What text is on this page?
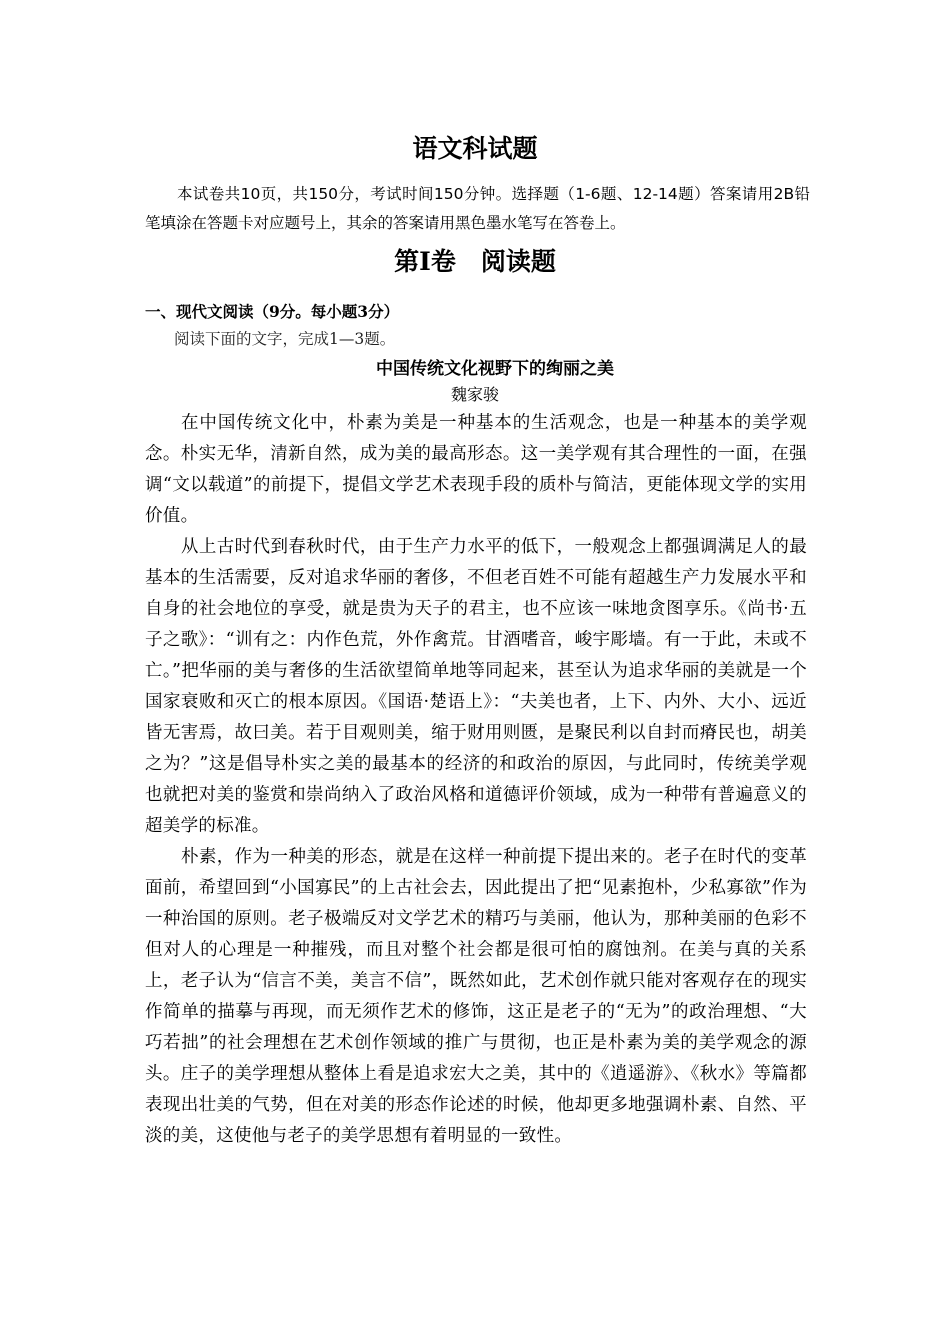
语文科试题
本试卷共10页，共150分，考试时间150分钟。选择题（1-6题、12-14题）答案请用2B铅笔填涂在答题卡对应题号上，其余的答案请用黑色墨水笔写在答卷上。
第Ⅰ卷　阅读题
一、现代文阅读（9分。每小题3分）
阅读下面的文字，完成1—3题。
中国传统文化视野下的绚丽之美
魏家骏

在中国传统文化中，朴素为美是一种基本的生活观念，也是一种基本的美学观念。朴实无华，清新自然，成为美的最高形态。这一美学观有其合理性的一面，在强调“文以载道”的前提下，提倡文学艺术表现手段的质朴与简洁，更能体现文学的实用价值。

从上古时代到春秋时代，由于生产力水平的低下，一般观念上都强调满足人的最基本的生活需要，反对追求华丽的奢侈，不但老百姓不可能有超越生产力发展水平和自身的社会地位的享受，就是贵为天子的君主，也不应该一味地贪图享乐。《尚书·五子之歌》：“训有之：内作色荒，外作禽荒。甘酒嗜音，峻宇彫墙。有一于此，未或不亡。”把华丽的美与奢侈的生活欲望简单地等同起来，甚至认为追求华丽的美就是一个国家衰败和灭亡的根本原因。《国语·楚语上》：“夫美也者，上下、内外、大小、远近皆无害焉，故曰美。若于目观则美，缩于财用则匮，是聚民利以自封而瘠民也，胡美之为？”这是倡导朴实之美的最基本的经济的和政治的原因，与此同时，传统美学观也就把对美的鉴赏和崇尚纳入了政治风格和道德评价领域，成为一种带有普遍意义的超美学的标准。

朴素，作为一种美的形态，就是在这样一种前提下提出来的。老子在时代的变革面前，希望回到“小国寡民”的上古社会去，因此提出了把“见素抱朴，少私寡欲”作为一种治国的原则。老子极端反对文学艺术的精巧与美丽，他认为，那种美丽的色彩不但对人的心理是一种摧残，而且对整个社会都是很可怕的腐蚀剂。在美与真的关系上，老子认为“信言不美，美言不信”，既然如此，艺术创作就只能对客观存在的现实作简单的描摹与再现，而无须作艺术的修饰，这正是老子的“无为”的政治理想、“大巧若拙”的社会理想在艺术创作领域的推广与贯彻，也正是朴素为美的美学观念的源头。庄子的美学理想从整体上看是追求宏大之美，其中的《逍遥游》、《秋水》等篇都表现出壮美的气势，但在对美的形态作论述的时候，他却更多地强调朴素、自然、平淡的美，这使他与老子的美学思想有着明显的一致性。
